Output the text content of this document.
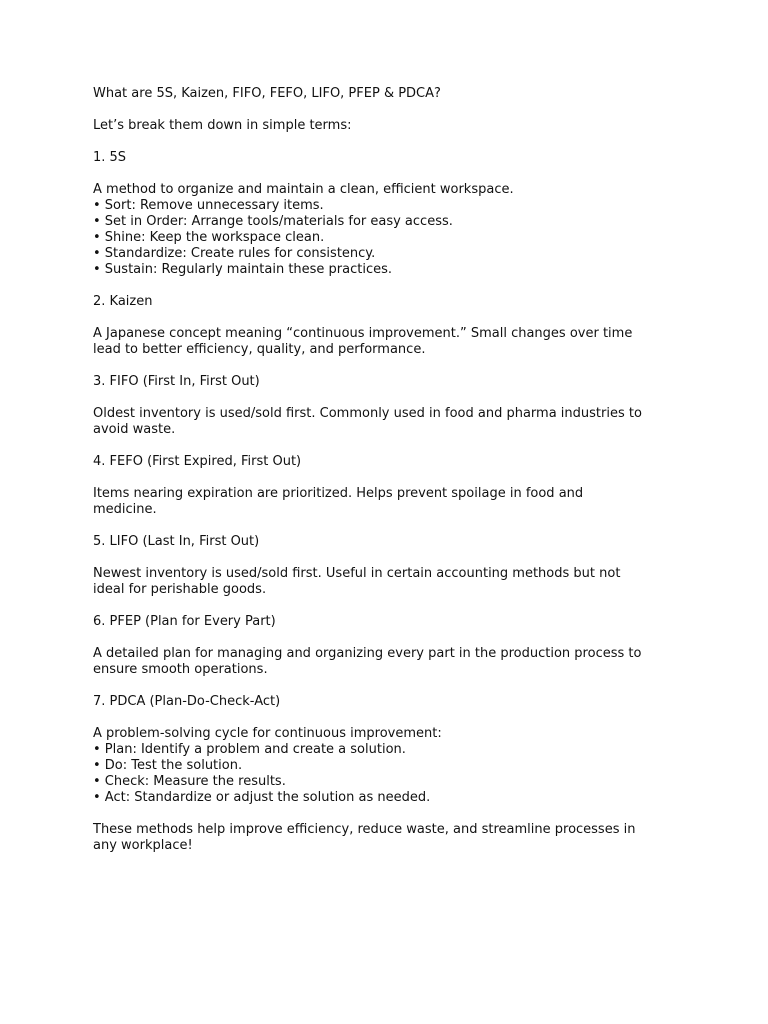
What are 5S, Kaizen, FIFO, FEFO, LIFO, PFEP & PDCA?
Let’s break them down in simple terms:
1. 5S
A method to organize and maintain a clean, efficient workspace.
• Sort: Remove unnecessary items.
• Set in Order: Arrange tools/materials for easy access.
• Shine: Keep the workspace clean.
• Standardize: Create rules for consistency.
• Sustain: Regularly maintain these practices.
2. Kaizen
A Japanese concept meaning “continuous improvement.” Small changes over time
lead to better efficiency, quality, and performance.
3. FIFO (First In, First Out)
Oldest inventory is used/sold first. Commonly used in food and pharma industries to
avoid waste.
4. FEFO (First Expired, First Out)
Items nearing expiration are prioritized. Helps prevent spoilage in food and
medicine.
5. LIFO (Last In, First Out)
Newest inventory is used/sold first. Useful in certain accounting methods but not
ideal for perishable goods.
6. PFEP (Plan for Every Part)
A detailed plan for managing and organizing every part in the production process to
ensure smooth operations.
7. PDCA (Plan-Do-Check-Act)
A problem-solving cycle for continuous improvement:
• Plan: Identify a problem and create a solution.
• Do: Test the solution.
• Check: Measure the results.
• Act: Standardize or adjust the solution as needed.
These methods help improve efficiency, reduce waste, and streamline processes in
any workplace!
